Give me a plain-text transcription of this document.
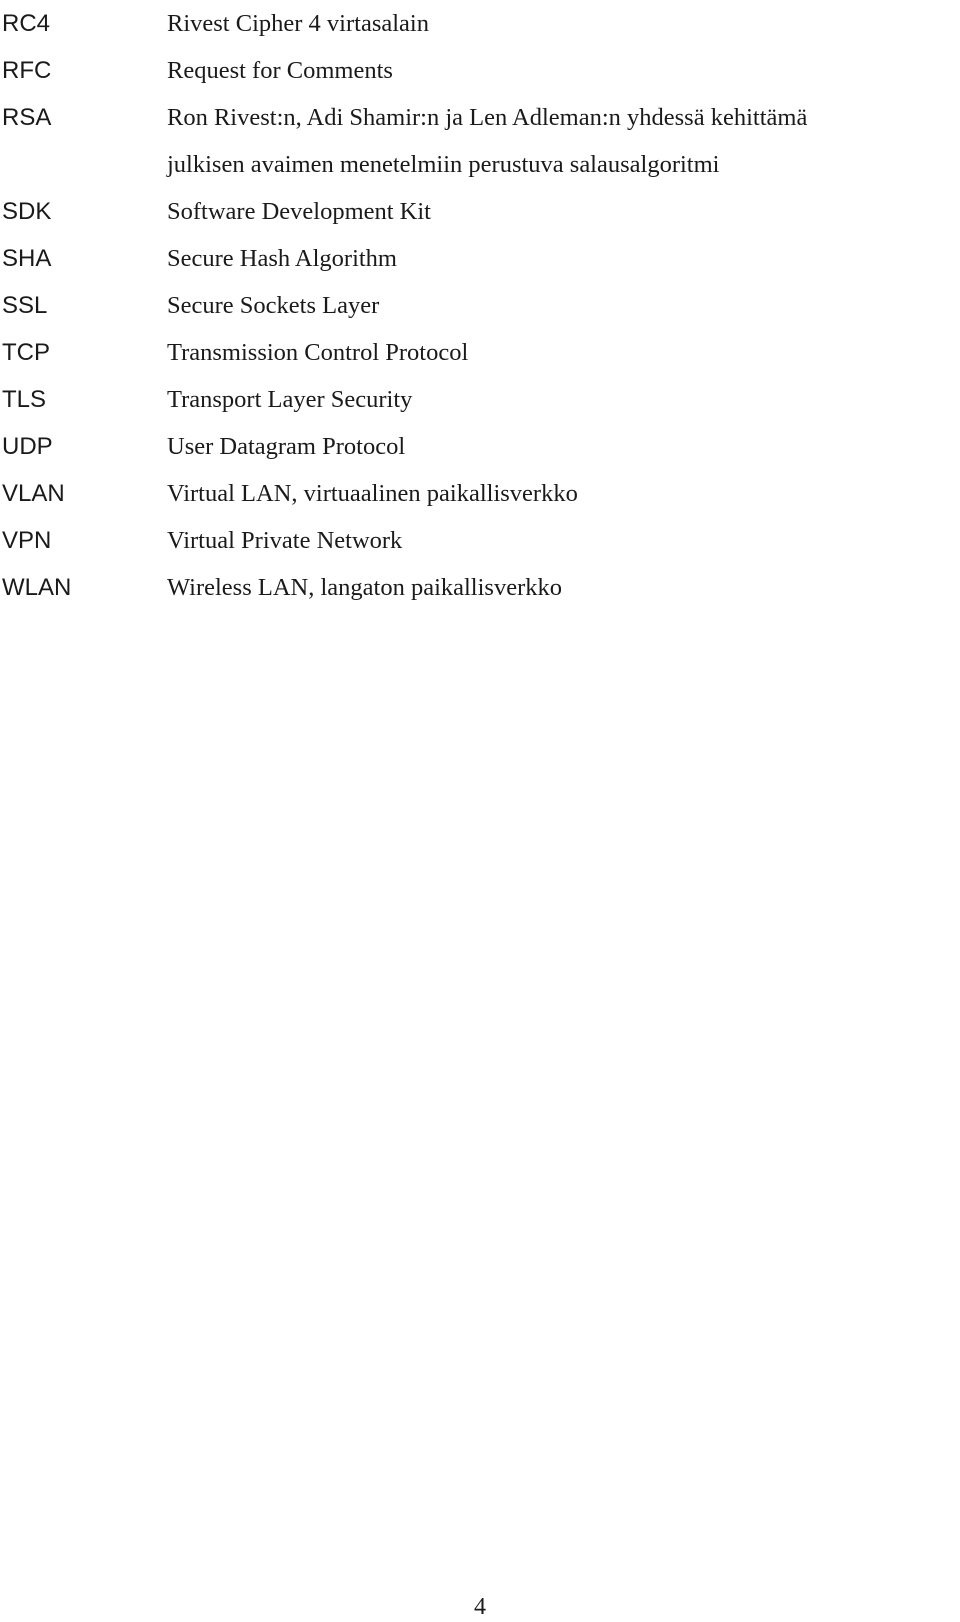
RC4	Rivest Cipher 4 virtasalain
RFC	Request for Comments
RSA	Ron Rivest:n, Adi Shamir:n ja Len Adleman:n yhdessä kehittämä
julkisen avaimen menetelmiin perustuva salausalgoritmi
SDK	Software Development Kit
SHA	Secure Hash Algorithm
SSL	Secure Sockets Layer
TCP	Transmission Control Protocol
TLS	Transport Layer Security
UDP	User Datagram Protocol
VLAN	Virtual LAN, virtuaalinen paikallisverkko
VPN	Virtual Private Network
WLAN	Wireless LAN, langaton paikallisverkko
4
